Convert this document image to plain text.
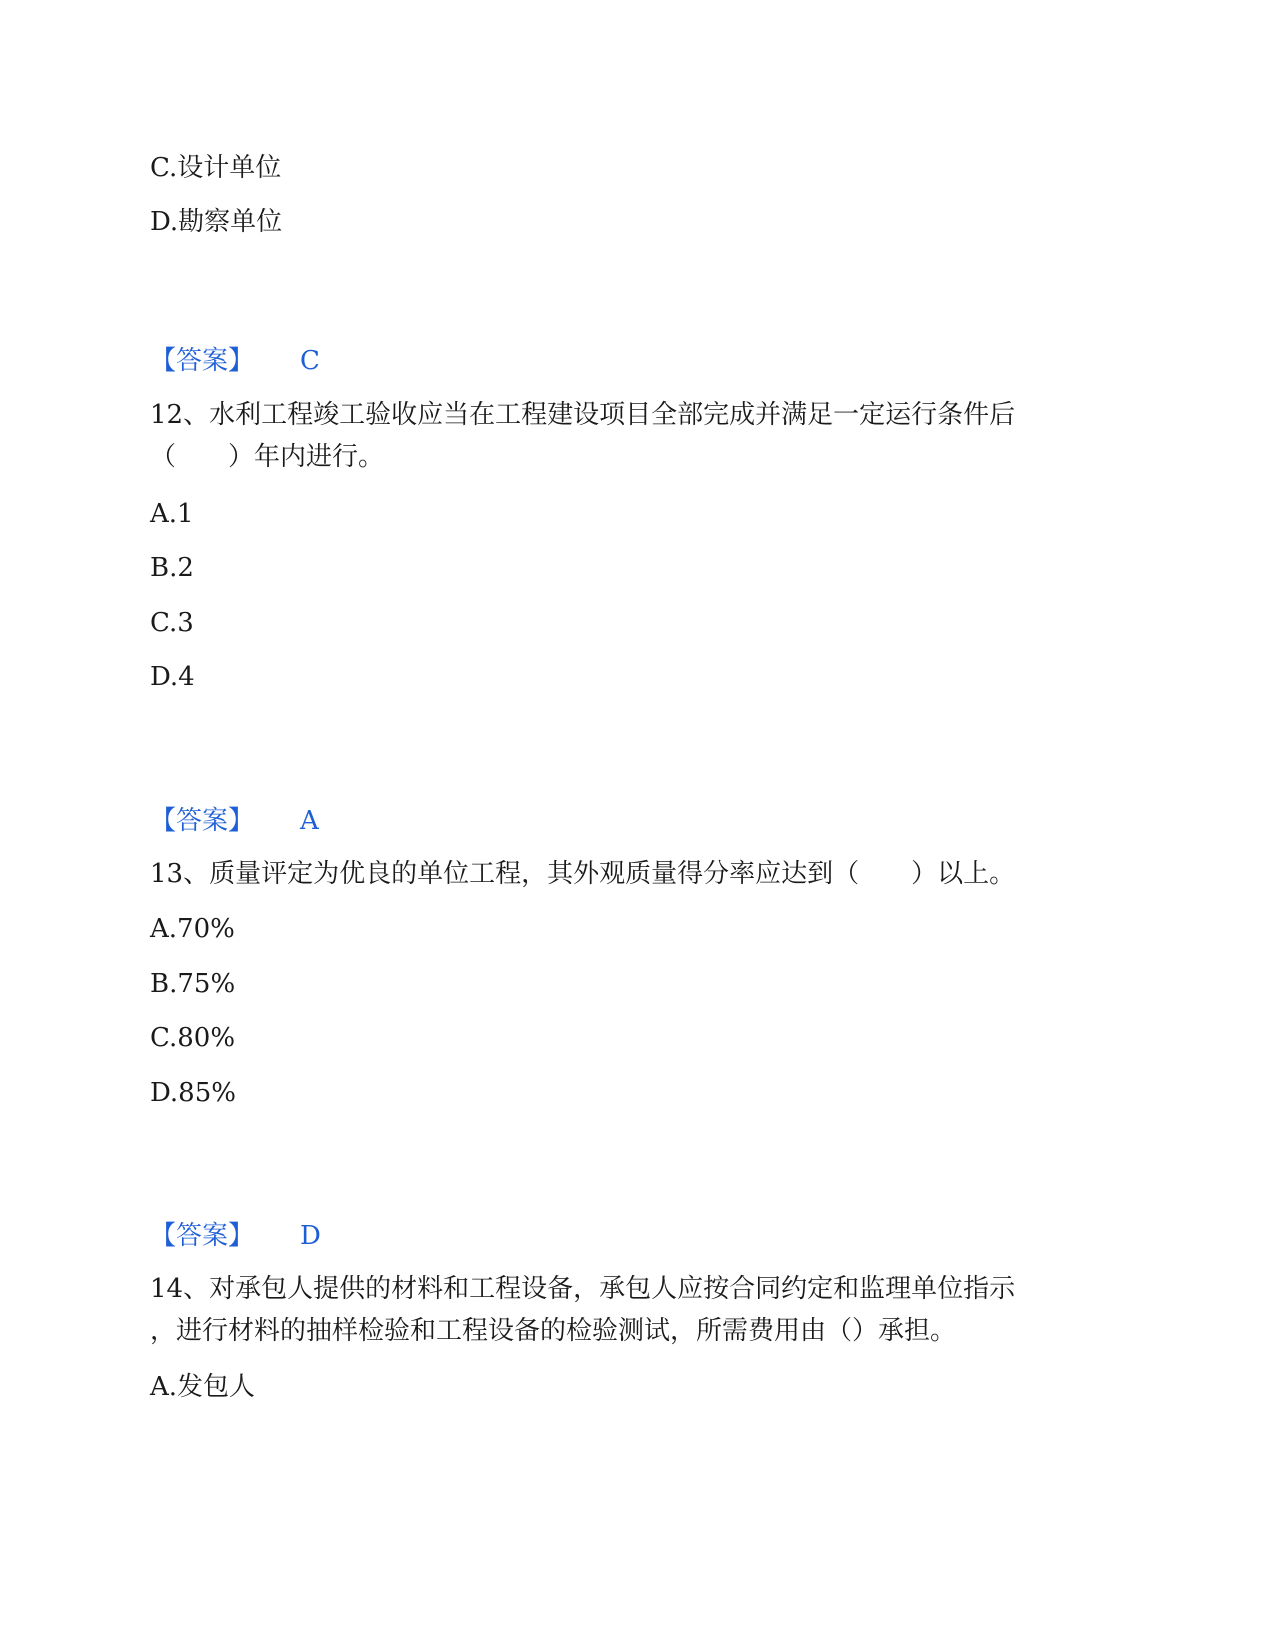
C.设计单位
D.勘察单位
【答案】 C
12、水利工程竣工验收应当在工程建设项目全部完成并满足一定运行条件后
（　　）年内进行。
A.1
B.2
C.3
D.4
【答案】 A
13、质量评定为优良的单位工程，其外观质量得分率应达到（　　）以上。
A.70%
B.75%
C.80%
D.85%
【答案】 D
14、对承包人提供的材料和工程设备，承包人应按合同约定和监理单位指示
，进行材料的抽样检验和工程设备的检验测试，所需费用由（）承担。
A.发包人
